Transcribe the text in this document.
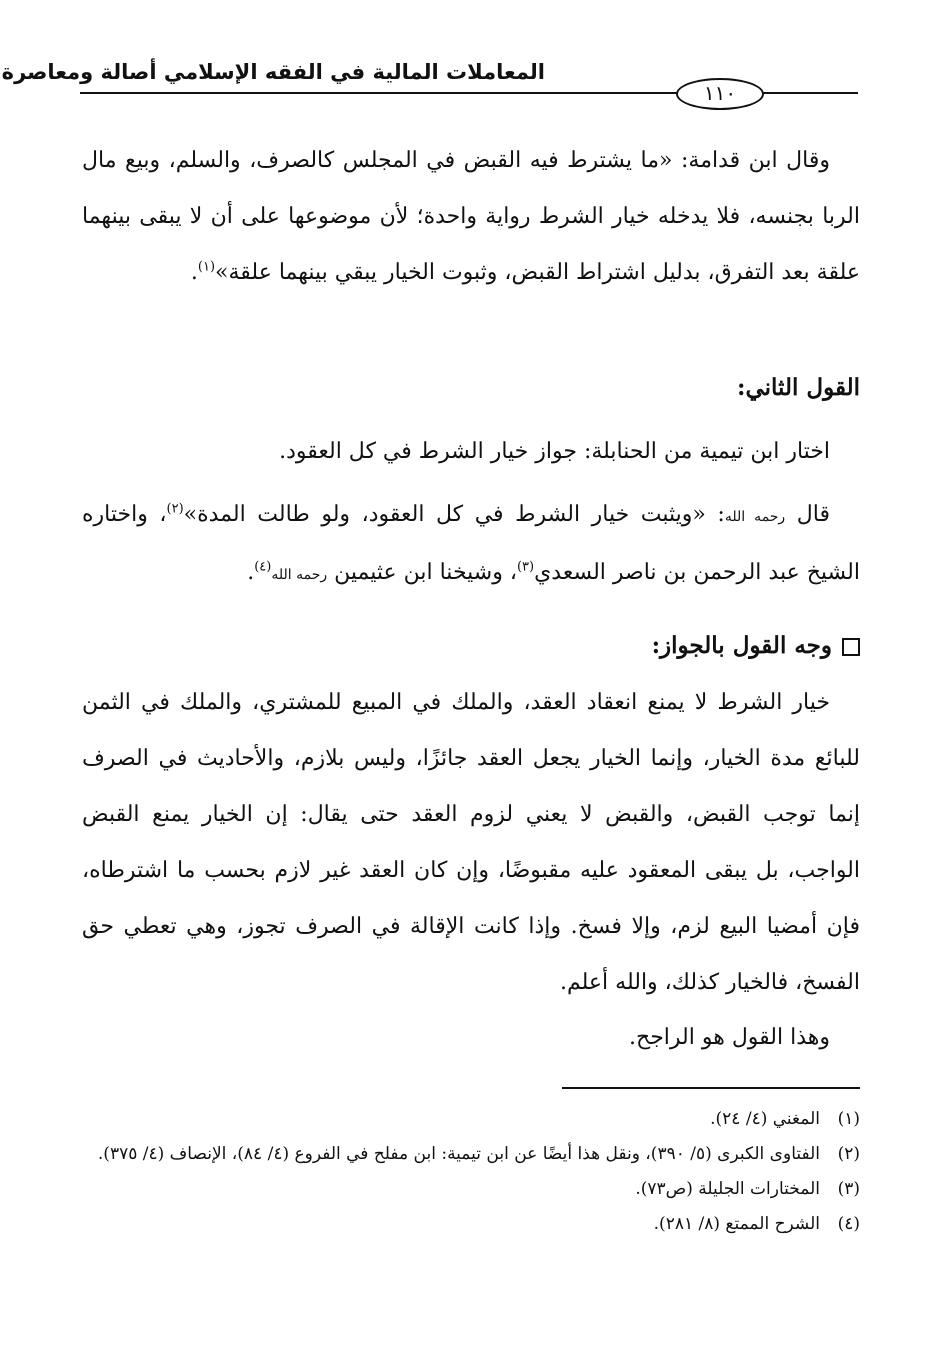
المعاملات المالية في الفقه الإسلامي أصالة ومعاصرة
١١٠
وقال ابن قدامة: «ما يشترط فيه القبض في المجلس كالصرف، والسلم، وبيع مال الربا بجنسه، فلا يدخله خيار الشرط رواية واحدة؛ لأن موضوعها على أن لا يبقى بينهما علقة بعد التفرق، بدليل اشتراط القبض، وثبوت الخيار يبقي بينهما علقة»$^{(١)}$.
القول الثاني:
اختار ابن تيمية من الحنابلة: جواز خيار الشرط في كل العقود.
قال رحمه الله: «ويثبت خيار الشرط في كل العقود، ولو طالت المدة»$^{(٢)}$، واختاره الشيخ عبد الرحمن بن ناصر السعدي$^{(٣)}$، وشيخنا ابن عثيمين رحمه الله$^{(٤)}$.
وجه القول بالجواز:
خيار الشرط لا يمنع انعقاد العقد، والملك في المبيع للمشتري، والملك في الثمن للبائع مدة الخيار، وإنما الخيار يجعل العقد جائزًا، وليس بلازم، والأحاديث في الصرف إنما توجب القبض، والقبض لا يعني لزوم العقد حتى يقال: إن الخيار يمنع القبض الواجب، بل يبقى المعقود عليه مقبوضًا، وإن كان العقد غير لازم بحسب ما اشترطاه، فإن أمضيا البيع لزم، وإلا فسخ. وإذا كانت الإقالة في الصرف تجوز، وهي تعطي حق الفسخ، فالخيار كذلك، والله أعلم.
وهذا القول هو الراجح.
(١)
المغني (٤/ ٢٤).
(٢)
الفتاوى الكبرى (٥/ ٣٩٠)، ونقل هذا أيضًا عن ابن تيمية: ابن مفلح في الفروع (٤/ ٨٤)، الإنصاف (٤/ ٣٧٥).
(٣)
المختارات الجليلة (ص٧٣).
(٤)
الشرح الممتع (٨/ ٢٨١).
